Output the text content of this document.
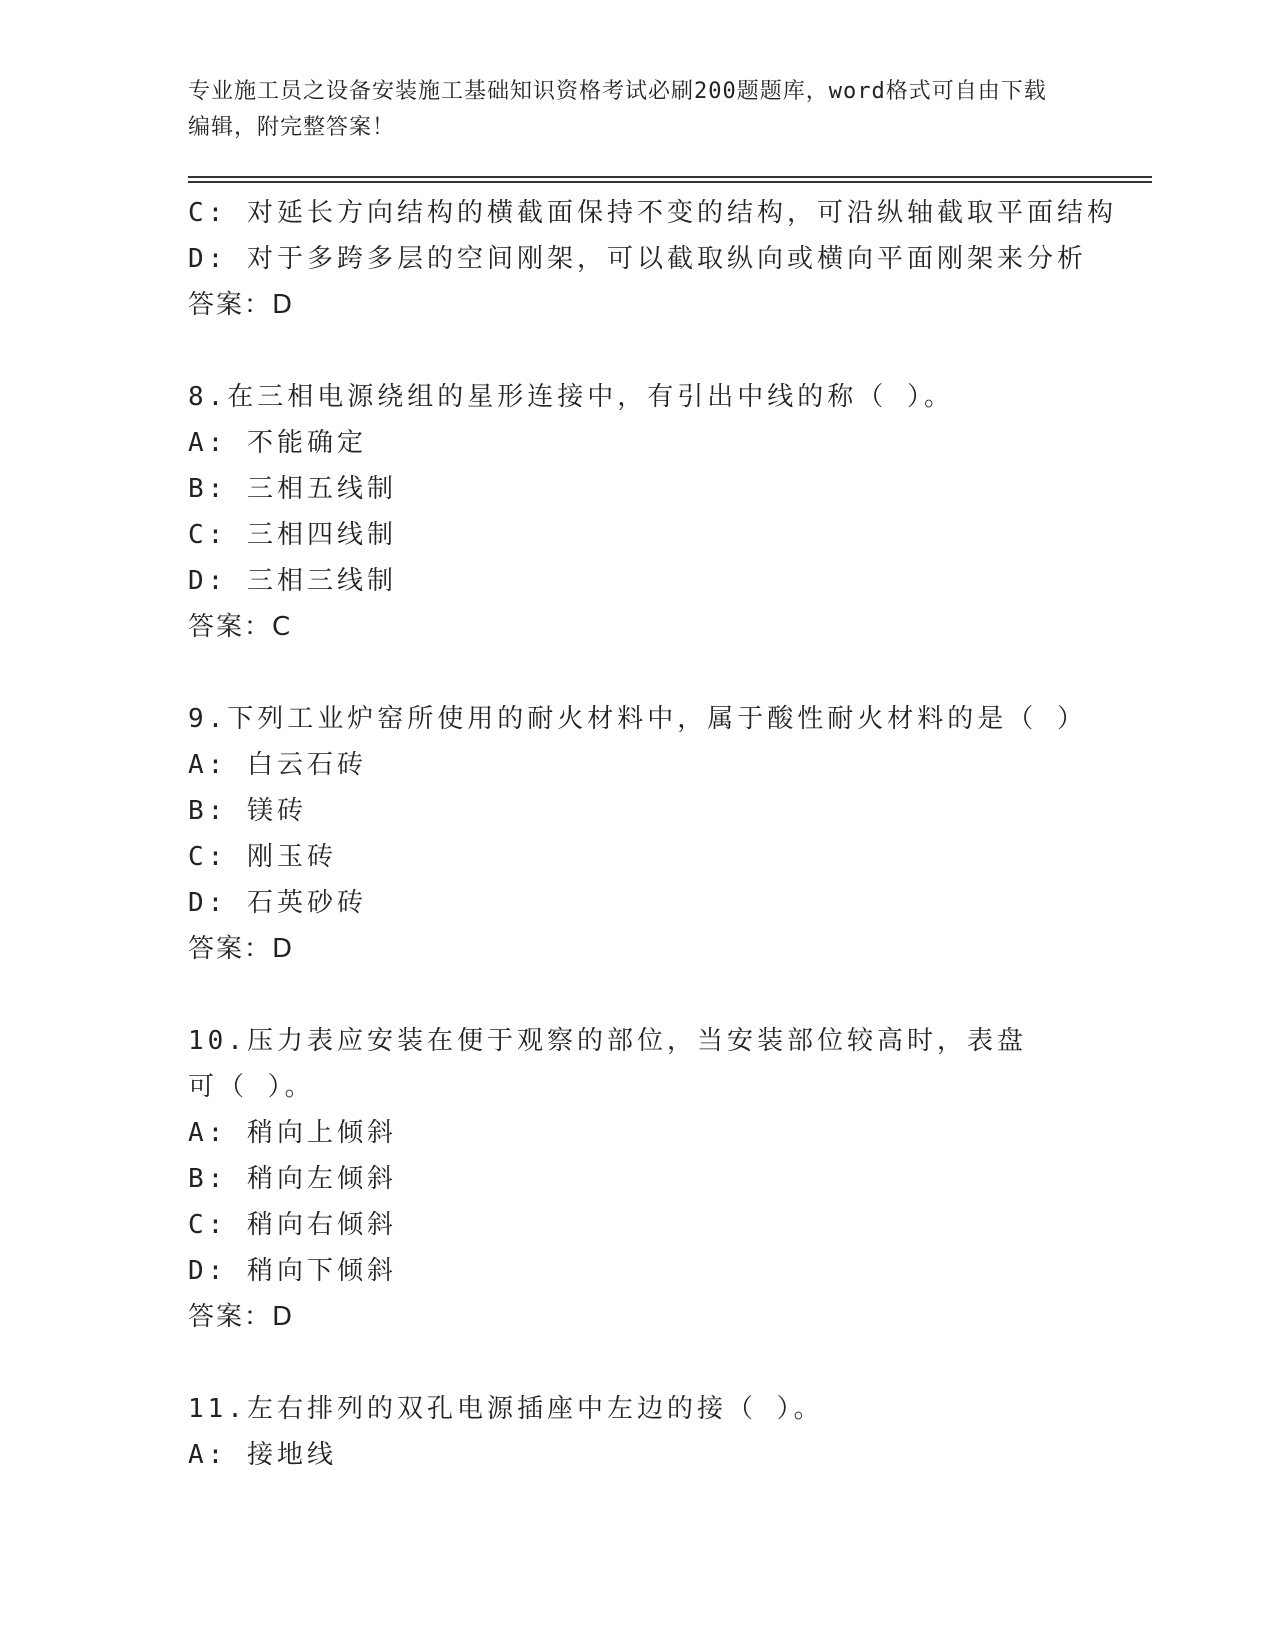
专业施工员之设备安装施工基础知识资格考试必刷200题题库，word格式可自由下载编辑，附完整答案！
C: 对延长方向结构的横截面保持不变的结构，可沿纵轴截取平面结构
D: 对于多跨多层的空间刚架，可以截取纵向或横向平面刚架来分析
答案：D
8.在三相电源绕组的星形连接中，有引出中线的称（ ）。
A: 不能确定
B: 三相五线制
C: 三相四线制
D: 三相三线制
答案：C
9.下列工业炉窑所使用的耐火材料中，属于酸性耐火材料的是（ ）
A: 白云石砖
B: 镁砖
C: 刚玉砖
D: 石英砂砖
答案：D
10.压力表应安装在便于观察的部位，当安装部位较高时，表盘可（ ）。
A: 稍向上倾斜
B: 稍向左倾斜
C: 稍向右倾斜
D: 稍向下倾斜
答案：D
11.左右排列的双孔电源插座中左边的接（ ）。
A: 接地线
